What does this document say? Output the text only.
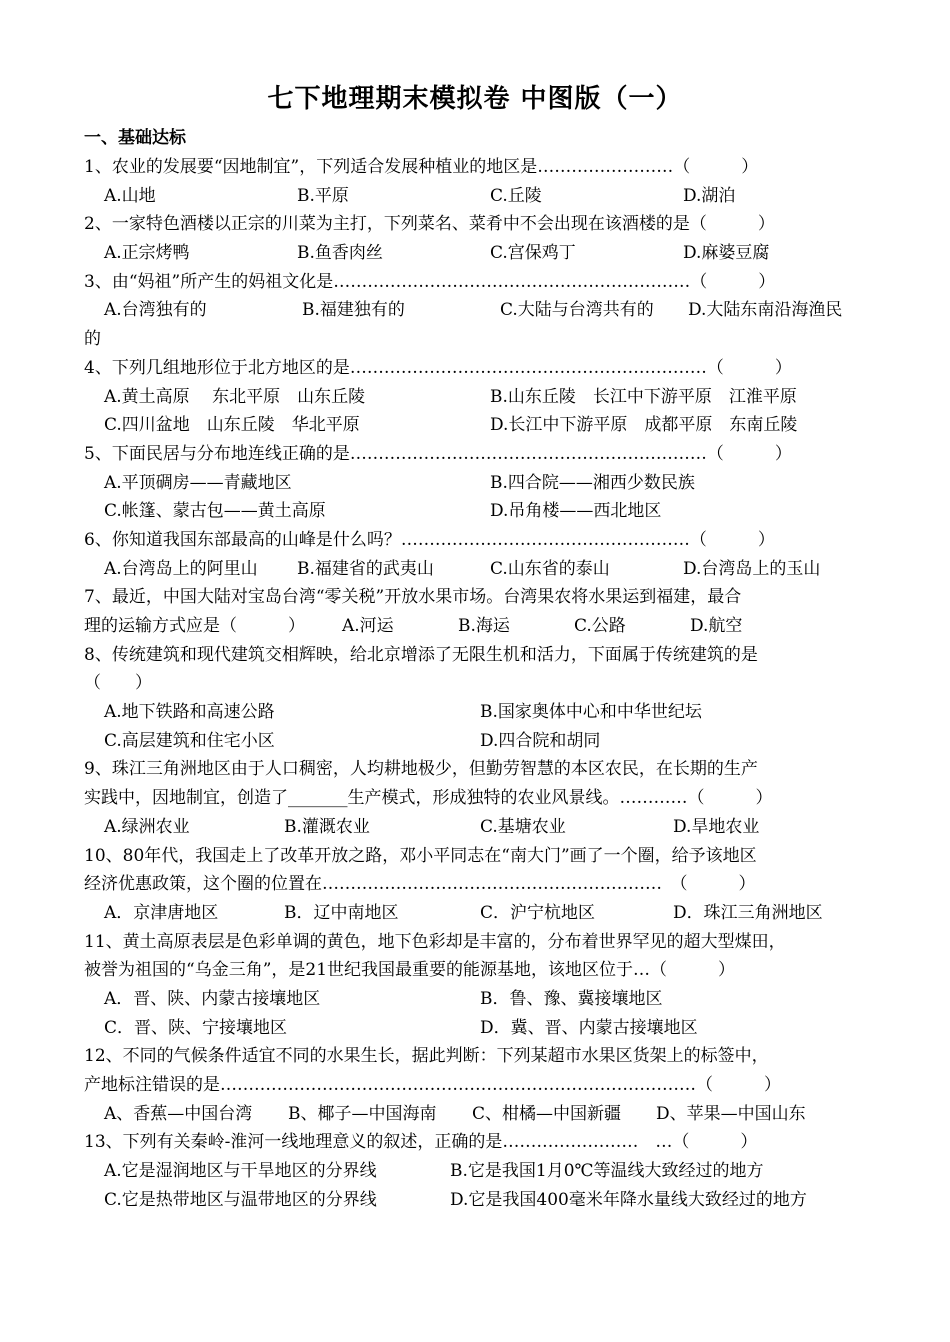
七下地理期末模拟卷 中图版（一）
一、基础达标
1、农业的发展要“因地制宜”，下列适合发展种植业的地区是……………………（　　　）
A.山地	B.平原	C.丘陵	D.湖泊
2、一家特色酒楼以正宗的川菜为主打，下列菜名、菜肴中不会出现在该酒楼的是（　　　）
A.正宗烤鸭	B.鱼香肉丝	C.宫保鸡丁	D.麻婆豆腐
3、由“妈祖”所产生的妈祖文化是………………………………………………………（　　　）
A.台湾独有的	B.福建独有的	C.大陆与台湾共有的 D.大陆东南沿海渔民
的
4、下列几组地形位于北方地区的是………………………………………………………（　　　）
A.黄土高原　 东北平原　山东丘陵	B.山东丘陵　长江中下游平原　江淮平原
C.四川盆地　山东丘陵　华北平原	D.长江中下游平原　成都平原　东南丘陵
5、下面民居与分布地连线正确的是………………………………………………………（　　　）
A.平顶碉房——青藏地区	B.四合院——湘西少数民族
C.帐篷、蒙古包——黄土高原	D.吊角楼——西北地区
6、你知道我国东部最高的山峰是什么吗？……………………………………………（　　　）
A.台湾岛上的阿里山 B.福建省的武夷山	C.山东省的泰山	D.台湾岛上的玉山
7、最近，中国大陆对宝岛台湾“零关税”开放水果市场。台湾果农将水果运到福建，最合
理的运输方式应是（　　　） A.河运	B.海运	C.公路	D.航空
8、传统建筑和现代建筑交相辉映，给北京增添了无限生机和活力，下面属于传统建筑的是
（　　）
A.地下铁路和高速公路	B.国家奥体中心和中华世纪坛
C.高层建筑和住宅小区	D.四合院和胡同
9、珠江三角洲地区由于人口稠密，人均耕地极少，但勤劳智慧的本区农民，在长期的生产
实践中，因地制宜，创造了_______生产模式，形成独特的农业风景线。…………（　　　）
A.绿洲农业	B.灌溉农业	C.基塘农业	D.旱地农业
10、80年代，我国走上了改革开放之路，邓小平同志在“南大门”画了一个圈，给予该地区
经济优惠政策，这个圈的位置在……………………………………………………　（　　　）
A．京津唐地区	B．辽中南地区	C．沪宁杭地区	D．珠江三角洲地区
11、黄土高原表层是色彩单调的黄色，地下色彩却是丰富的，分布着世界罕见的超大型煤田，
被誉为祖国的“乌金三角”，是21世纪我国最重要的能源基地，该地区位于…（　　　）
A．晋、陕、内蒙古接壤地区	B．鲁、豫、冀接壤地区
C．晋、陕、宁接壤地区	D．冀、晋、内蒙古接壤地区
12、不同的气候条件适宜不同的水果生长，据此判断：下列某超市水果区货架上的标签中，
产地标注错误的是…………………………………………………………………………（　　　）
A、香蕉—中国台湾 B、椰子—中国海南 C、柑橘—中国新疆 D、苹果—中国山东
13、下列有关秦岭-淮河一线地理意义的叙述，正确的是……………………　…（　　　）
A.它是湿润地区与干旱地区的分界线	B.它是我国1月0℃等温线大致经过的地方
C.它是热带地区与温带地区的分界线	D.它是我国400毫米年降水量线大致经过的地方
